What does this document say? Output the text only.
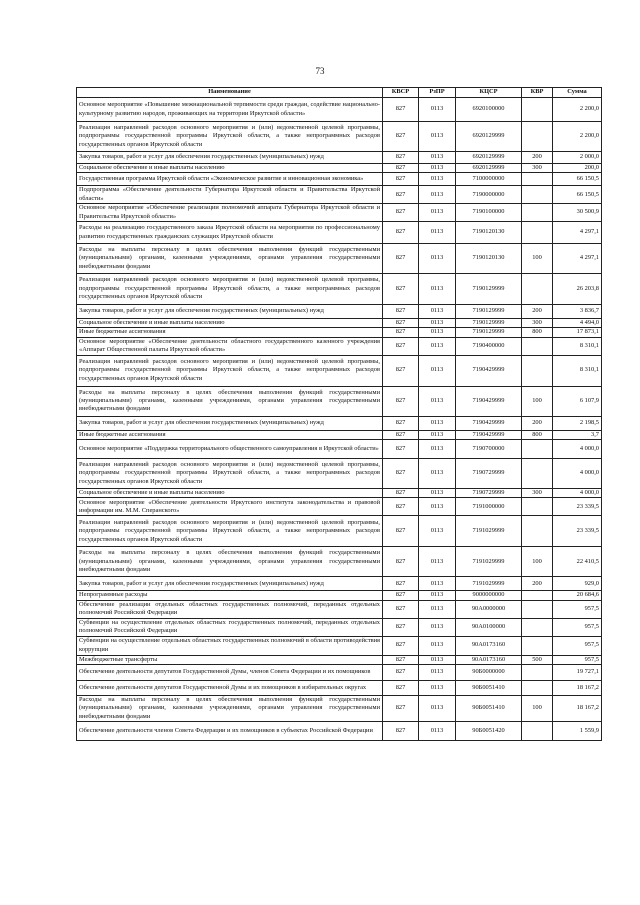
73
Наименование	КВСР	РзПР	КЦСР	КВР	Сумма
Основное мероприятие «Повышение межнациональной терпимости среди граждан, содействие национально-культурному развитию народов, проживающих на территории Иркутской области»	827	0113	6920100000		2 200,0
Реализация направлений расходов основного мероприятия и (или) ведомственной целевой программы, подпрограммы государственной программы Иркутской области, а также непрограммных расходов государственных органов Иркутской области	827	0113	6920129999		2 200,0
Закупка товаров, работ и услуг для обеспечения государственных (муниципальных) нужд	827	0113	6920129999	200	2 000,0
Социальное обеспечение и иные выплаты населению	827	0113	6920129999	300	200,0
Государственная программа Иркутской области «Экономическое развитие и инновационная экономика»	827	0113	7100000000		66 150,5
Подпрограмма «Обеспечение деятельности Губернатора Иркутской области и Правительства Иркутской области»	827	0113	7190000000		66 150,5
Основное мероприятие «Обеспечение реализации полномочий аппарата Губернатора Иркутской области и Правительства Иркутской области»	827	0113	7190100000		30 500,9
Расходы на реализацию государственного заказа Иркутской области на мероприятия по профессиональному развитию государственных гражданских служащих Иркутской области	827	0113	7190120130		4 297,1
Расходы на выплаты персоналу в целях обеспечения выполнения функций государственными (муниципальными) органами, казенными учреждениями, органами управления государственными внебюджетными фондами	827	0113	7190120130	100	4 297,1
Реализация направлений расходов основного мероприятия и (или) ведомственной целевой программы, подпрограммы государственной программы Иркутской области, а также непрограммных расходов государственных органов Иркутской области	827	0113	7190129999		26 203,8
Закупка товаров, работ и услуг для обеспечения государственных (муниципальных) нужд	827	0113	7190129999	200	3 836,7
Социальное обеспечение и иные выплаты населению	827	0113	7190129999	300	4 494,0
Иные бюджетные ассигнования	827	0113	7190129999	800	17 873,1
Основное мероприятие «Обеспечение деятельности областного государственного казенного учреждения «Аппарат Общественной палаты Иркутской области»	827	0113	7190400000		8 310,1
Реализация направлений расходов основного мероприятия и (или) ведомственной целевой программы, подпрограммы государственной программы Иркутской области, а также непрограммных расходов государственных органов Иркутской области	827	0113	7190429999		8 310,1
Расходы на выплаты персоналу в целях обеспечения выполнения функций государственными (муниципальными) органами, казенными учреждениями, органами управления государственными внебюджетными фондами	827	0113	7190429999	100	6 107,9
Закупка товаров, работ и услуг для обеспечения государственных (муниципальных) нужд	827	0113	7190429999	200	2 198,5
Иные бюджетные ассигнования	827	0113	7190429999	800	3,7
Основное мероприятие «Поддержка территориального общественного самоуправления в Иркутской области»	827	0113	7190700000		4 000,0
Реализация направлений расходов основного мероприятия и (или) ведомственной целевой программы, подпрограммы государственной программы Иркутской области, а также непрограммных расходов государственных органов Иркутской области	827	0113	7190729999		4 000,0
Социальное обеспечение и иные выплаты населению	827	0113	7190729999	300	4 000,0
Основное мероприятие «Обеспечение деятельности Иркутского института законодательства и правовой информации им. М.М. Сперанского»	827	0113	7191000000		23 339,5
Реализация направлений расходов основного мероприятия и (или) ведомственной целевой программы, подпрограммы государственной программы Иркутской области, а также непрограммных расходов государственных органов Иркутской области	827	0113	7191029999		23 339,5
Расходы на выплаты персоналу в целях обеспечения выполнения функций государственными (муниципальными) органами, казенными учреждениями, органами управления государственными внебюджетными фондами	827	0113	7191029999	100	22 410,5
Закупка товаров, работ и услуг для обеспечения государственных (муниципальных) нужд	827	0113	7191029999	200	929,0
Непрограммные расходы	827	0113	9000000000		20 684,6
Обеспечение реализации отдельных областных государственных полномочий, переданных отдельных полномочий Российской Федерации	827	0113	90А0000000		957,5
Субвенции на осуществление отдельных областных государственных полномочий, переданных отдельных полномочий Российской Федерации	827	0113	90А0100000		957,5
Субвенции на осуществление отдельных областных государственных полномочий в области противодействия коррупции	827	0113	90А0173160		957,5
Межбюджетные трансферты	827	0113	90А0173160	500	957,5
Обеспечение деятельности депутатов Государственной Думы, членов Совета Федерации и их помощников	827	0113	90Б0000000		19 727,1
Обеспечение деятельности депутатов Государственной Думы и их помощников в избирательных округах	827	0113	90Б0051410		18 167,2
Расходы на выплаты персоналу в целях обеспечения выполнения функций государственными (муниципальными) органами, казенными учреждениями, органами управления государственными внебюджетными фондами	827	0113	90Б0051410	100	18 167,2
Обеспечение деятельности членов Совета Федерации и их помощников в субъектах Российской Федерации	827	0113	90Б0051420		1 559,9
